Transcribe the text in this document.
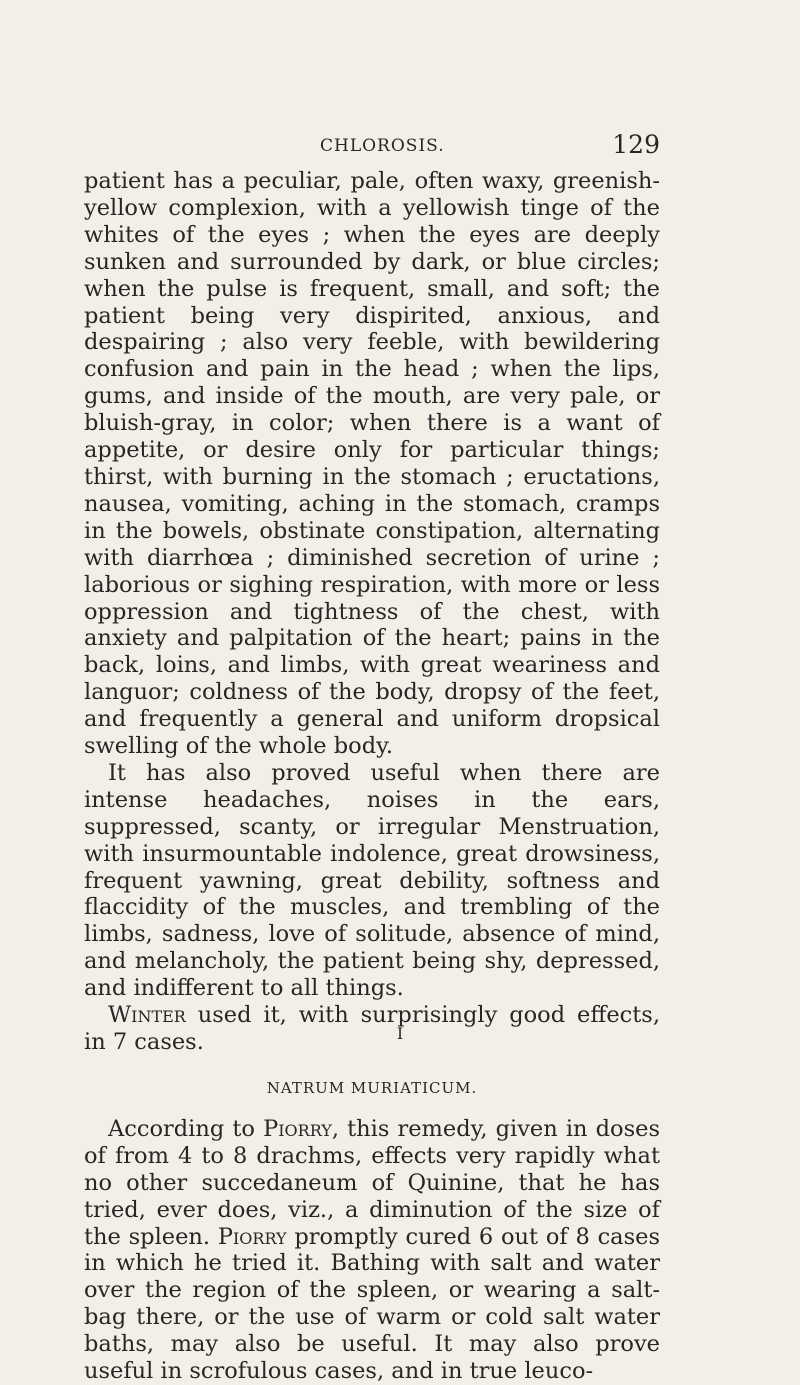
CHLOROSIS.	129

patient has a peculiar, pale, often waxy, greenish-yellow complexion, with a yellowish tinge of the whites of the eyes ; when the eyes are deeply sunken and surrounded by dark, or blue circles; when the pulse is frequent, small, and soft; the patient being very dispirited, anxious, and despairing ; also very feeble, with bewildering confusion and pain in the head ; when the lips, gums, and inside of the mouth, are very pale, or bluish-gray, in color; when there is a want of appetite, or desire only for particular things; thirst, with burning in the stomach ; eructations, nausea, vomiting, aching in the stomach, cramps in the bowels, obstinate constipation, alternating with diarrhœa ; diminished secretion of urine ; laborious or sighing respiration, with more or less oppression and tightness of the chest, with anxiety and palpitation of the heart; pains in the back, loins, and limbs, with great weariness and languor; coldness of the body, dropsy of the feet, and frequently a general and uniform dropsical swelling of the whole body.

It has also proved useful when there are intense headaches, noises in the ears, suppressed, scanty, or irregular Menstruation, with insurmountable indolence, great drowsiness, frequent yawning, great debility, softness and flaccidity of the muscles, and trembling of the limbs, sadness, love of solitude, absence of mind, and melancholy, the patient being shy, depressed, and indifferent to all things.

Winter used it, with surprisingly good effects, in 7 cases.

NATRUM MURIATICUM.

According to Piorry, this remedy, given in doses of from 4 to 8 drachms, effects very rapidly what no other succedaneum of Quinine, that he has tried, ever does, viz., a diminution of the size of the spleen. Piorry promptly cured 6 out of 8 cases in which he tried it. Bathing with salt and water over the region of the spleen, or wearing a salt-bag there, or the use of warm or cold salt water baths, may also be useful. It may also prove useful in scrofulous cases, and in true leuco-

I
